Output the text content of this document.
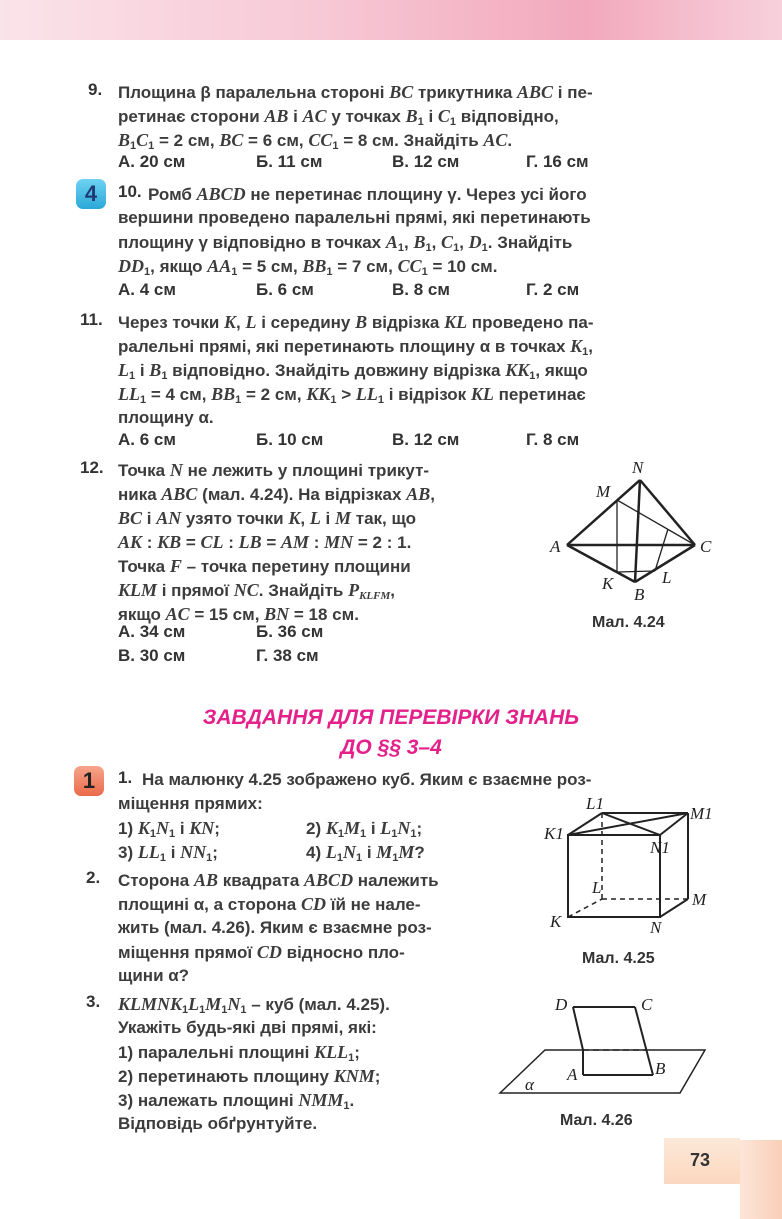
9. Площина β паралельна стороні BC трикутника ABC і пе-
ретинає сторони AB і AC у точках $B_1$ і $C_1$ відповідно,
$B_1C_1 = 2$ см, BC = 6 см, $CC_1 = 8$ см. Знайдіть AC.
А. 20 см	Б. 11 см	В. 12 см	Г. 16 см
4	10. Ромб ABCD не перетинає площину γ. Через усі його
вершини проведено паралельні прямі, які перетинають
площину γ відповідно в точках $A_1$, $B_1$, $C_1$, $D_1$. Знайдіть
$DD_1$, якщо $AA_1 = 5$ см, $BB_1 = 7$ см, $CC_1 = 10$ см.
А. 4 см	Б. 6 см	В. 8 см	Г. 2 см
11. Через точки K, L і середину B відрізка KL проведено па-
ралельні прямі, які перетинають площину α в точках $K_1$,
$L_1$ і $B_1$ відповідно. Знайдіть довжину відрізка $KK_1$, якщо
$LL_1 = 4$ см, $BB_1 = 2$ см, $KK_1 > LL_1$ і відрізок KL перетинає
площину α.
А. 6 см	Б. 10 см	В. 12 см	Г. 8 см
12. Точка N не лежить у площині трикут-
ника ABC (мал. 4.24). На відрізках AB,
BC і AN узято точки K, L і M так, що
AK : KB = CL : LB = AM : MN = 2 : 1.
Точка F – точка перетину площини
KLM і прямої NC. Знайдіть $P_{KLFM}$,
якщо AC = 15 см, BN = 18 см.
А. 34 см	Б. 36 см
В. 30 см	Г. 38 см
N
M
A	C
K	L
B
Мал. 4.24
ЗАВДАННЯ ДЛЯ ПЕРЕВІРКИ ЗНАНЬ
ДО §§ 3–4
1	1. На малюнку 4.25 зображено куб. Яким є взаємне роз-
міщення прямих:
1) $K_1N_1$ і KN;	2) $K_1M_1$ і $L_1N_1$;
3) $LL_1$ і $NN_1$;	4) $L_1N_1$ і $M_1M$?
2. Сторона AB квадрата ABCD належить
площині α, а сторона CD їй не нале-
жить (мал. 4.26). Яким є взаємне роз-
міщення прямої CD відносно пло-
щини α?
L1
M1
K1
N1
L
M
K	N
Мал. 4.25
3. $KLMNK_1L_1M_1N_1$ – куб (мал. 4.25).
Укажіть будь-які дві прямі, які:
1) паралельні площині $KLL_1$;
2) перетинають площину KNM;
3) належать площині $NMM_1$.
Відповідь обґрунтуйте.
D	C
A	B
α
Мал. 4.26
73
